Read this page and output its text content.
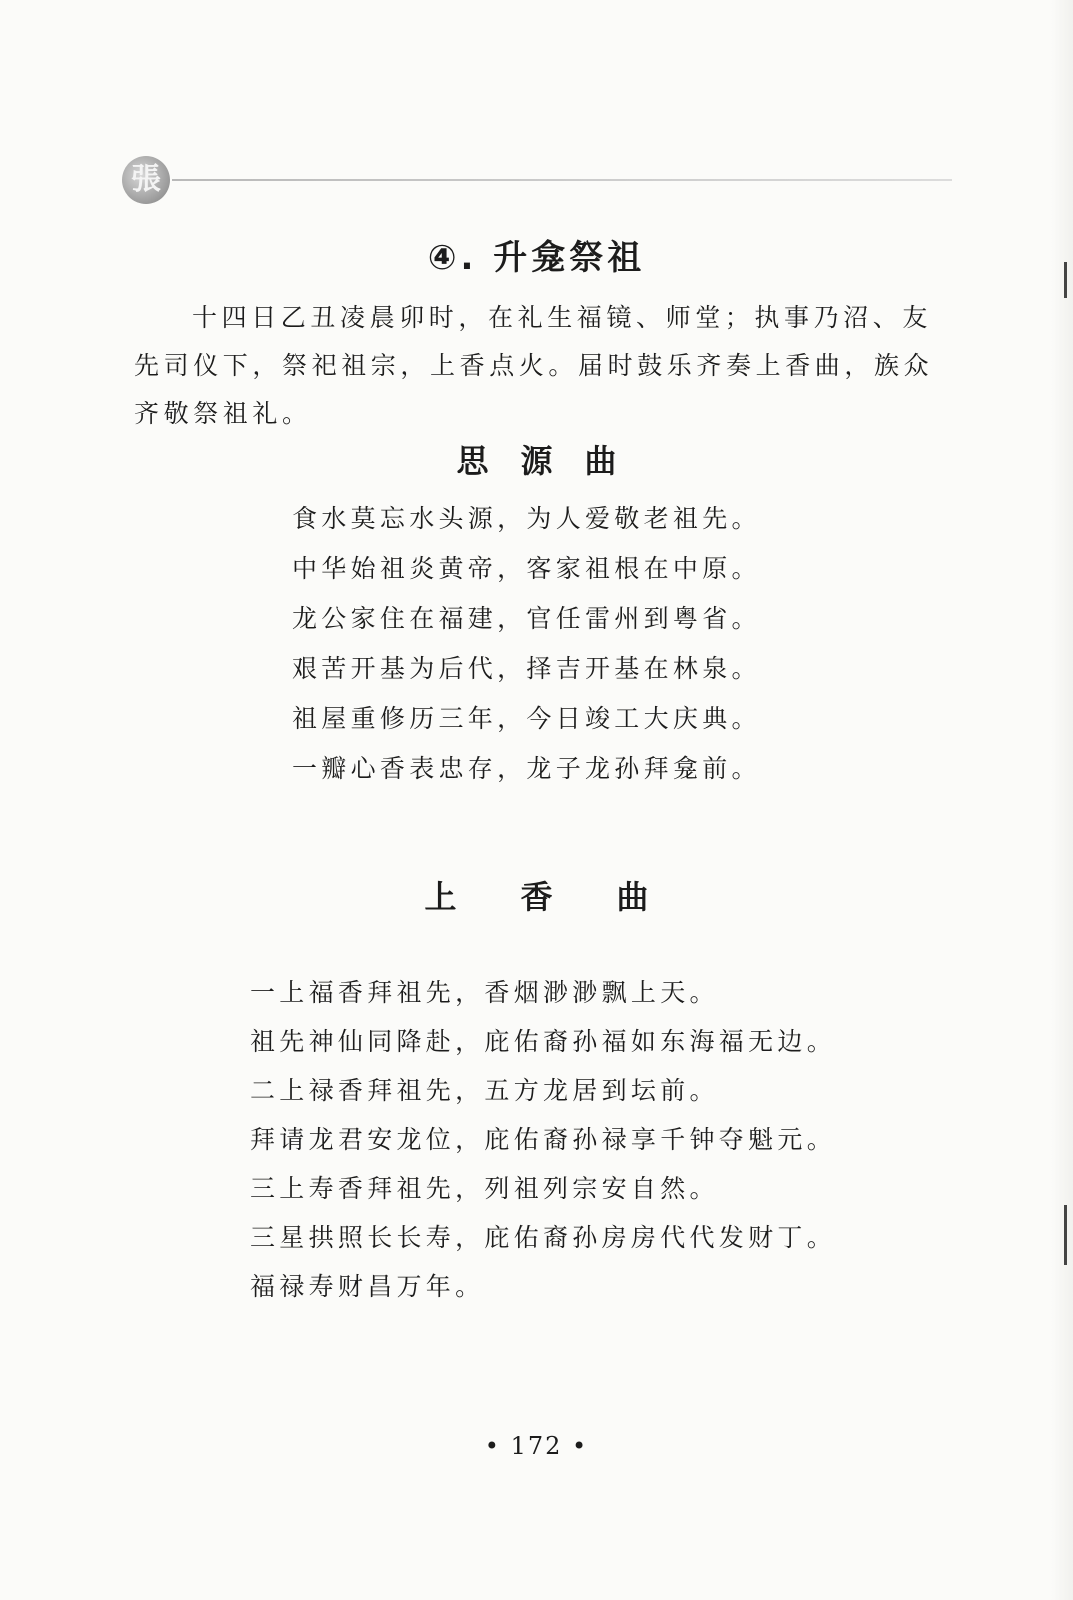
張
④. 升龛祭祖

十四日乙丑凌晨卯时，在礼生福镜、师堂；执事乃沼、友先司仪下，祭祀祖宗，上香点火。届时鼓乐齐奏上香曲，族众齐敬祭祖礼。

思　源　曲
食水莫忘水头源，为人爱敬老祖先。
中华始祖炎黄帝，客家祖根在中原。
龙公家住在福建，官任雷州到粤省。
艰苦开基为后代，择吉开基在林泉。
祖屋重修历三年，今日竣工大庆典。
一瓣心香表忠存，龙子龙孙拜龛前。
上　　香　　曲
一上福香拜祖先，香烟渺渺飘上天。
祖先神仙同降赴，庇佑裔孙福如东海福无边。
二上禄香拜祖先，五方龙居到坛前。
拜请龙君安龙位，庇佑裔孙禄享千钟夺魁元。
三上寿香拜祖先，列祖列宗安自然。
三星拱照长长寿，庇佑裔孙房房代代发财丁。
福禄寿财昌万年。
• 172 •
